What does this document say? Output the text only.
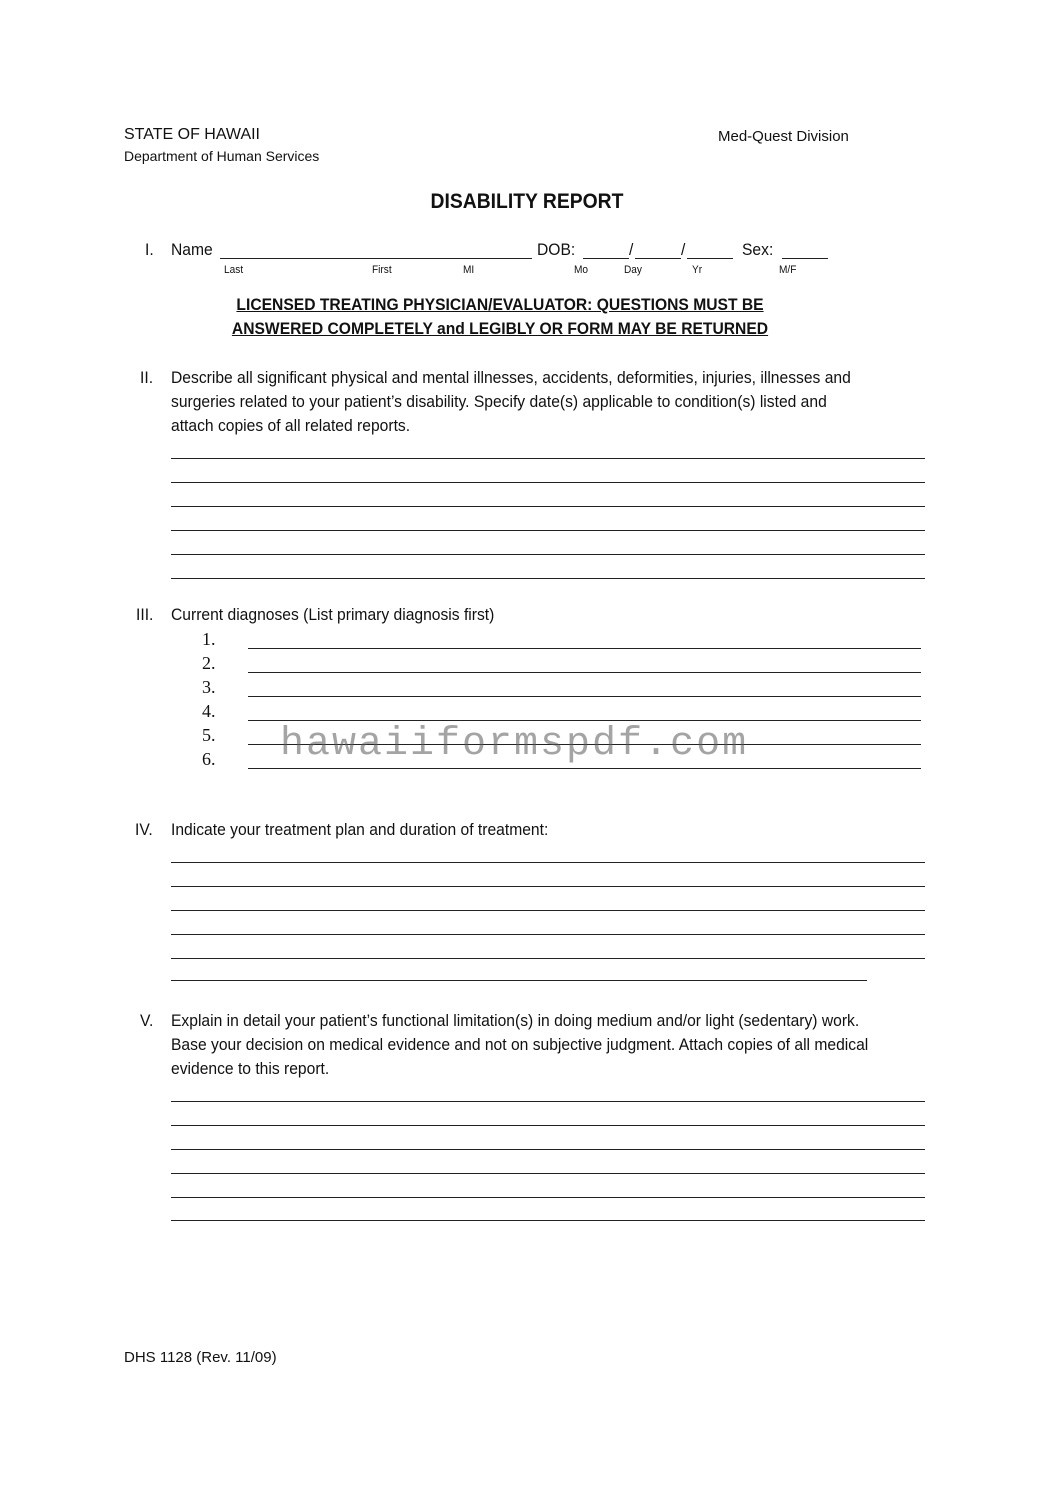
STATE OF HAWAII
Department of Human Services
Med-Quest Division
DISABILITY REPORT
I. Name	DOB:	/	/	Sex:
Last	First	MI	Mo	Day	Yr	M/F
LICENSED TREATING PHYSICIAN/EVALUATOR: QUESTIONS MUST BE
ANSWERED COMPLETELY and LEGIBLY OR FORM MAY BE RETURNED
II. Describe all significant physical and mental illnesses, accidents, deformities, injuries, illnesses and
surgeries related to your patient’s disability. Specify date(s) applicable to condition(s) listed and
attach copies of all related reports.
III. Current diagnoses (List primary diagnosis first)
1.
2.
3.
4.
5.
6. hawaiiformspdf.com
IV. Indicate your treatment plan and duration of treatment:
V. Explain in detail your patient’s functional limitation(s) in doing medium and/or light (sedentary) work.
Base your decision on medical evidence and not on subjective judgment. Attach copies of all medical
evidence to this report.
DHS 1128 (Rev. 11/09)
